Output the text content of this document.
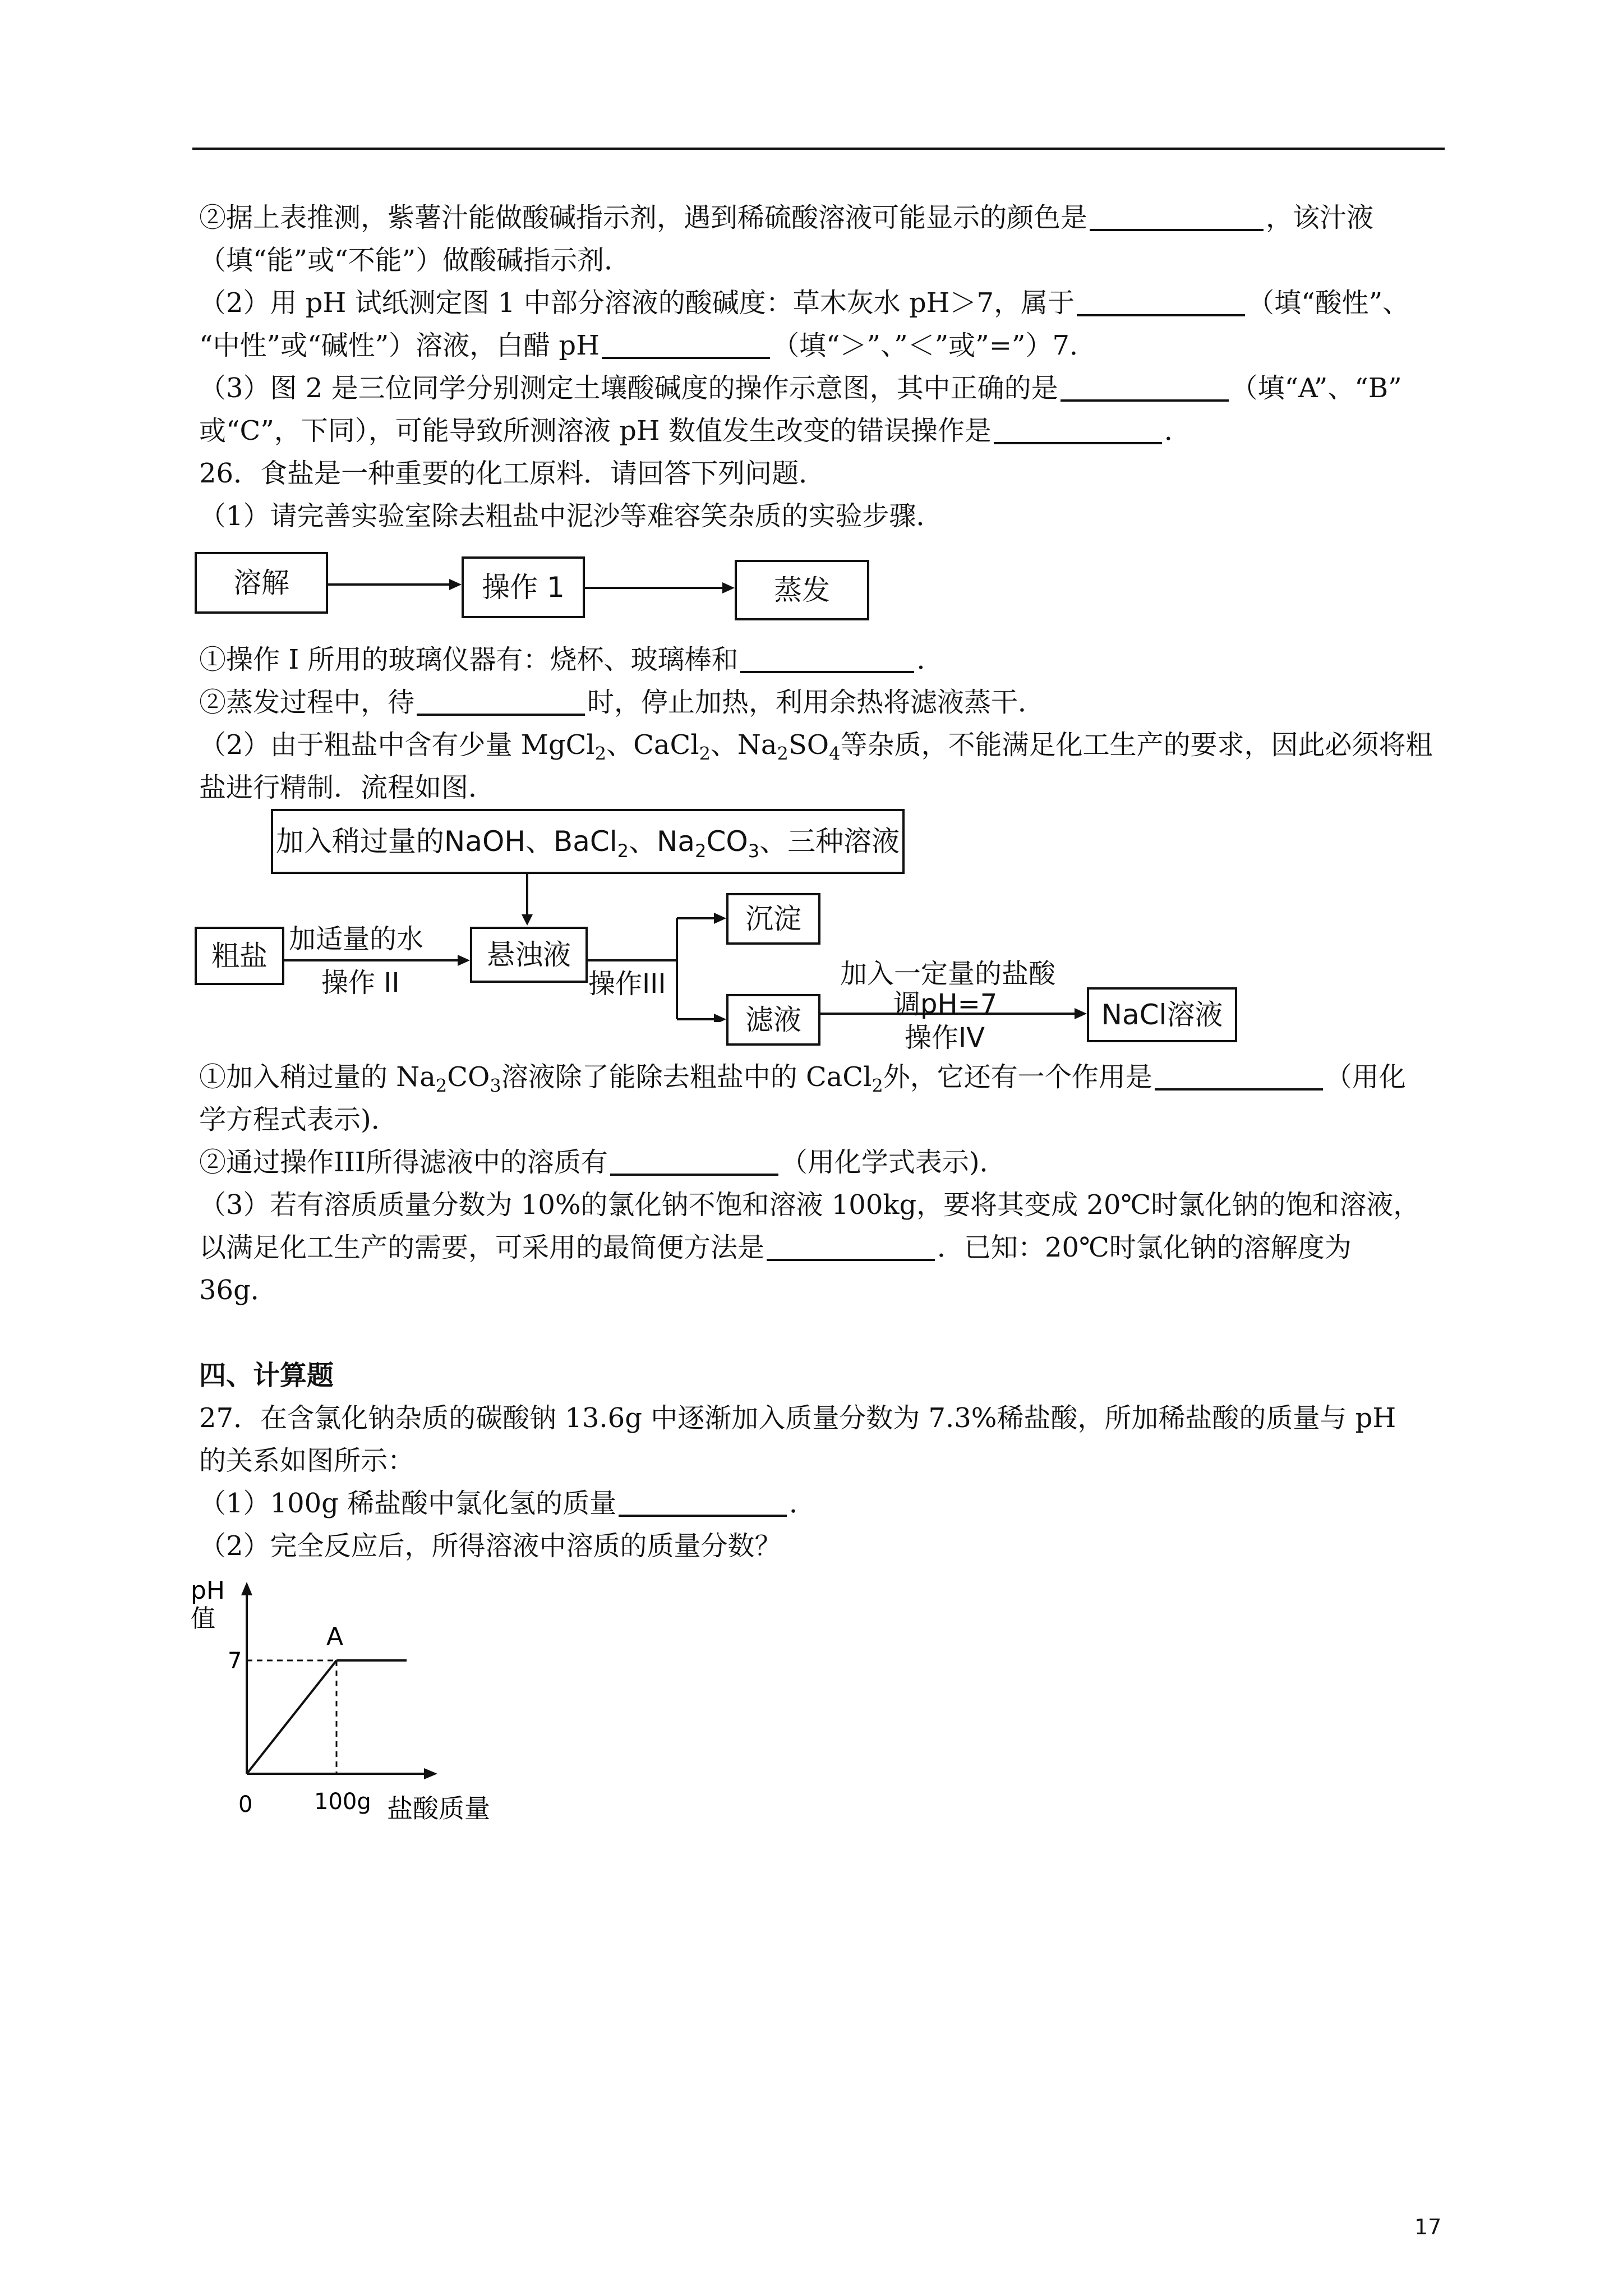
②据上表推测，紫薯汁能做酸碱指示剂，遇到稀硫酸溶液可能显示的颜色是	，该汁液

（填“能”或“不能”）做酸碱指示剂．

（2）用 pH 试纸测定图 1 中部分溶液的酸碱度：草木灰水 pH＞7，属于	（填“酸性”、

“中性”或“碱性”）溶液，白醋 pH	（填“＞”、”＜”或”=”）7．

（3）图 2 是三位同学分别测定土壤酸碱度的操作示意图，其中正确的是	（填“A”、“B”

或“C”，下同），可能导致所测溶液 pH 数值发生改变的错误操作是	．

26．食盐是一种重要的化工原料．请回答下列问题．

（1）请完善实验室除去粗盐中泥沙等难容笑杂质的实验步骤．

溶解	操作 1	蒸发

①操作 I 所用的玻璃仪器有：烧杯、玻璃棒和	．

②蒸发过程中，待	时，停止加热，利用余热将滤液蒸干．

（2）由于粗盐中含有少量 MgCl$_2$、CaCl$_2$、$Na_2SO_4$等杂质，不能满足化工生产的要求，因此必须将粗

盐进行精制．流程如图．

加入稍过量的NaOH、BaCl$_2$、$Na_2CO_3$、三种溶液
粗盐
加适量的水
操作 II
悬浊液
操作III
沉淀
滤液
加入一定量的盐酸
调pH=7
操作IV
NaCl溶液

①加入稍过量的 $Na_2CO_3$溶液除了能除去粗盐中的 CaCl$_2$外，它还有一个作用是	（用化

学方程式表示)．

②通过操作III所得滤液中的溶质有	（用化学式表示)．

（3）若有溶质质量分数为 10%的氯化钠不饱和溶液 100kg，要将其变成 20℃时氯化钠的饱和溶液，

以满足化工生产的需要，可采用的最简便方法是	．已知：20℃时氯化钠的溶解度为

36g．

四、计算题

27．在含氯化钠杂质的碳酸钠 13.6g 中逐渐加入质量分数为 7.3%稀盐酸，所加稀盐酸的质量与 pH

的关系如图所示：

（1）100g 稀盐酸中氯化氢的质量	．

（2）完全反应后，所得溶液中溶质的质量分数？

pH
值
A
7
0	100g 盐酸质量
17
